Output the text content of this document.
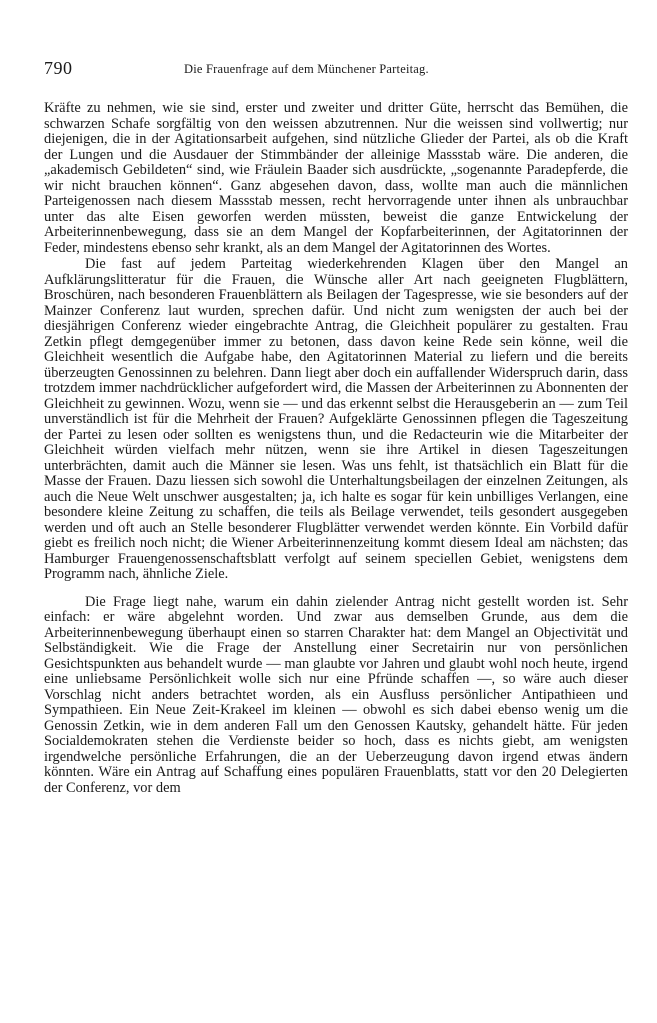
790	Die Frauenfrage auf dem Münchener Parteitag.

Kräfte zu nehmen, wie sie sind, erster und zweiter und dritter Güte, herrscht das Bemühen, die schwarzen Schafe sorgfältig von den weissen abzutrennen. Nur die weissen sind vollwertig; nur diejenigen, die in der Agitationsarbeit aufgehen, sind nützliche Glieder der Partei, als ob die Kraft der Lungen und die Ausdauer der Stimmbänder der alleinige Massstab wäre. Die anderen, die „akademisch Gebildeten“ sind, wie Fräulein Baader sich ausdrückte, „sogenannte Paradepferde, die wir nicht brauchen können“. Ganz abgesehen davon, dass, wollte man auch die männlichen Parteigenossen nach diesem Massstab messen, recht hervorragende unter ihnen als unbrauchbar unter das alte Eisen geworfen werden müssten, beweist die ganze Entwickelung der Arbeiterinnenbewegung, dass sie an dem Mangel der Kopfarbeiterinnen, der Agitatorinnen der Feder, mindestens ebenso sehr krankt, als an dem Mangel der Agitatorinnen des Wortes.

Die fast auf jedem Parteitag wiederkehrenden Klagen über den Mangel an Aufklärungslitteratur für die Frauen, die Wünsche aller Art nach geeigneten Flugblättern, Broschüren, nach besonderen Frauenblättern als Beilagen der Tagespresse, wie sie besonders auf der Mainzer Conferenz laut wurden, sprechen dafür. Und nicht zum wenigsten der auch bei der diesjährigen Conferenz wieder eingebrachte Antrag, die Gleichheit populärer zu gestalten. Frau Zetkin pflegt demgegenüber immer zu betonen, dass davon keine Rede sein könne, weil die Gleichheit wesentlich die Aufgabe habe, den Agitatorinnen Material zu liefern und die bereits überzeugten Genossinnen zu belehren. Dann liegt aber doch ein auffallender Widerspruch darin, dass trotzdem immer nachdrücklicher aufgefordert wird, die Massen der Arbeiterinnen zu Abonnenten der Gleichheit zu gewinnen. Wozu, wenn sie — und das erkennt selbst die Herausgeberin an — zum Teil unverständlich ist für die Mehrheit der Frauen? Aufgeklärte Genossinnen pflegen die Tageszeitung der Partei zu lesen oder sollten es wenigstens thun, und die Redacteurin wie die Mitarbeiter der Gleichheit würden vielfach mehr nützen, wenn sie ihre Artikel in diesen Tageszeitungen unterbrächten, damit auch die Männer sie lesen. Was uns fehlt, ist thatsächlich ein Blatt für die Masse der Frauen. Dazu liessen sich sowohl die Unterhaltungsbeilagen der einzelnen Zeitungen, als auch die Neue Welt unschwer ausgestalten; ja, ich halte es sogar für kein unbilliges Verlangen, eine besondere kleine Zeitung zu schaffen, die teils als Beilage verwendet, teils gesondert ausgegeben werden und oft auch an Stelle besonderer Flugblätter verwendet werden könnte. Ein Vorbild dafür giebt es freilich noch nicht; die Wiener Arbeiterinnenzeitung kommt diesem Ideal am nächsten; das Hamburger Frauengenossenschaftsblatt verfolgt auf seinem speciellen Gebiet, wenigstens dem Programm nach, ähnliche Ziele.

Die Frage liegt nahe, warum ein dahin zielender Antrag nicht gestellt worden ist. Sehr einfach: er wäre abgelehnt worden. Und zwar aus demselben Grunde, aus dem die Arbeiterinnenbewegung überhaupt einen so starren Charakter hat: dem Mangel an Objectivität und Selbständigkeit. Wie die Frage der Anstellung einer Secretairin nur von persönlichen Gesichtspunkten aus behandelt wurde — man glaubte vor Jahren und glaubt wohl noch heute, irgend eine unliebsame Persönlichkeit wolle sich nur eine Pfründe schaffen —, so wäre auch dieser Vorschlag nicht anders betrachtet worden, als ein Ausfluss persönlicher Antipathieen und Sympathieen. Ein Neue Zeit-Krakeel im kleinen — obwohl es sich dabei ebenso wenig um die Genossin Zetkin, wie in dem anderen Fall um den Genossen Kautsky, gehandelt hätte. Für jeden Socialdemokraten stehen die Verdienste beider so hoch, dass es nichts giebt, am wenigsten irgendwelche persönliche Erfahrungen, die an der Ueberzeugung davon irgend etwas ändern könnten. Wäre ein Antrag auf Schaffung eines populären Frauenblatts, statt vor den 20 Delegierten der Conferenz, vor dem
